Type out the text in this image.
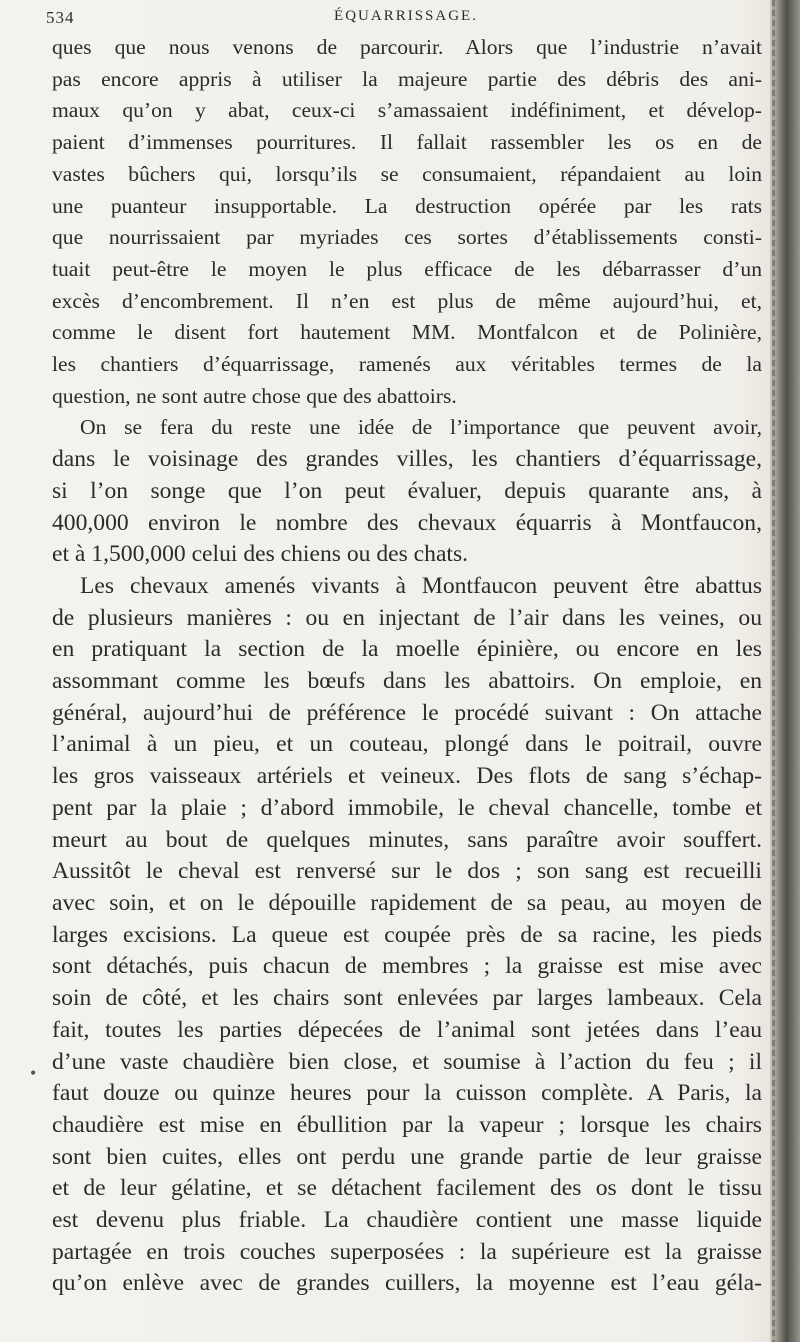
534	ÉQUARRISSAGE.
•
ques que nous venons de parcourir. Alors que l’industrie n’avait
pas encore appris à utiliser la majeure partie des débris des ani-
maux qu’on y abat, ceux-ci s’amassaient indéfiniment, et dévelop-
paient d’immenses pourritures. Il fallait rassembler les os en de
vastes bûchers qui, lorsqu’ils se consumaient, répandaient au loin
une puanteur insupportable. La destruction opérée par les rats
que nourrissaient par myriades ces sortes d’établissements consti-
tuait peut-être le moyen le plus efficace de les débarrasser d’un
excès d’encombrement. Il n’en est plus de même aujourd’hui, et,
comme le disent fort hautement MM. Montfalcon et de Polinière,
les chantiers d’équarrissage, ramenés aux véritables termes de la
question, ne sont autre chose que des abattoirs.
On se fera du reste une idée de l’importance que peuvent avoir,
dans le voisinage des grandes villes, les chantiers d’équarrissage,
si l’on songe que l’on peut évaluer, depuis quarante ans, à
400,000 environ le nombre des chevaux équarris à Montfaucon,
et à 1,500,000 celui des chiens ou des chats.
Les chevaux amenés vivants à Montfaucon peuvent être abattus
de plusieurs manières : ou en injectant de l’air dans les veines, ou
en pratiquant la section de la moelle épinière, ou encore en les
assommant comme les bœufs dans les abattoirs. On emploie, en
général, aujourd’hui de préférence le procédé suivant : On attache
l’animal à un pieu, et un couteau, plongé dans le poitrail, ouvre
les gros vaisseaux artériels et veineux. Des flots de sang s’échap-
pent par la plaie ; d’abord immobile, le cheval chancelle, tombe et
meurt au bout de quelques minutes, sans paraître avoir souffert.
Aussitôt le cheval est renversé sur le dos ; son sang est recueilli
avec soin, et on le dépouille rapidement de sa peau, au moyen de
larges excisions. La queue est coupée près de sa racine, les pieds
sont détachés, puis chacun de membres ; la graisse est mise avec
soin de côté, et les chairs sont enlevées par larges lambeaux. Cela
fait, toutes les parties dépecées de l’animal sont jetées dans l’eau
d’une vaste chaudière bien close, et soumise à l’action du feu ; il
faut douze ou quinze heures pour la cuisson complète. A Paris, la
chaudière est mise en ébullition par la vapeur ; lorsque les chairs
sont bien cuites, elles ont perdu une grande partie de leur graisse
et de leur gélatine, et se détachent facilement des os dont le tissu
est devenu plus friable. La chaudière contient une masse liquide
partagée en trois couches superposées : la supérieure est la graisse
qu’on enlève avec de grandes cuillers, la moyenne est l’eau géla-
